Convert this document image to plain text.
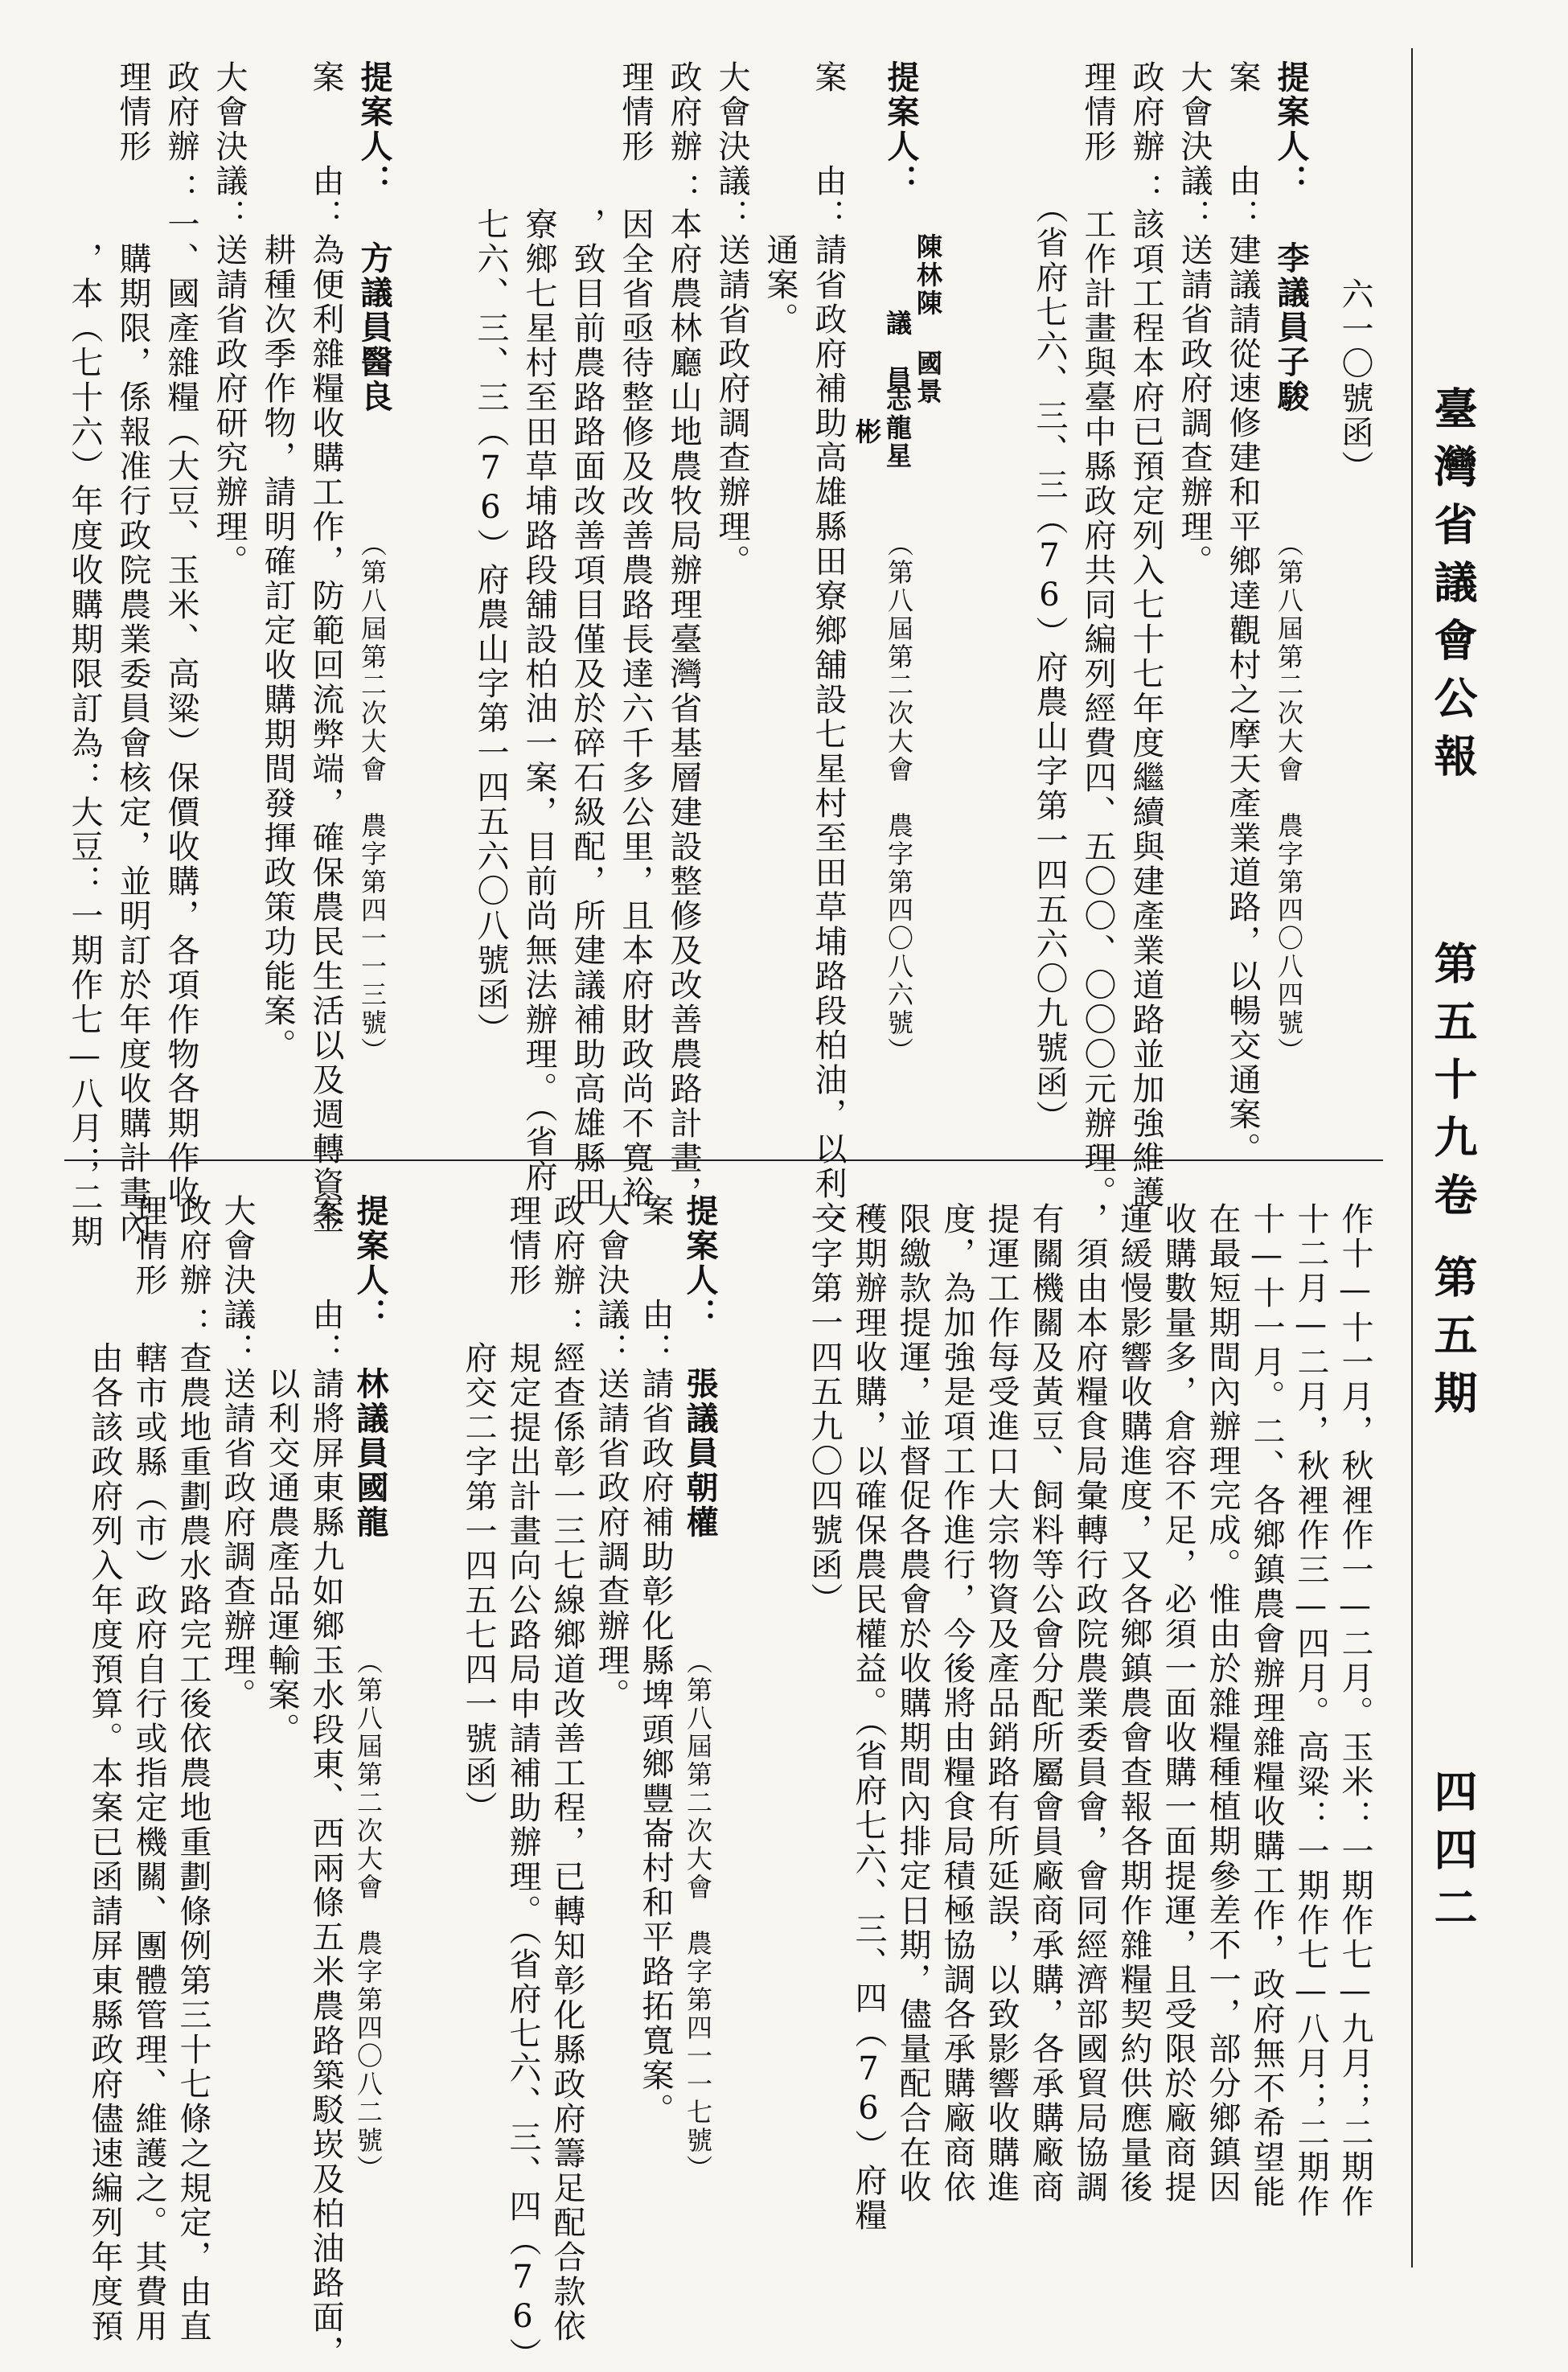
臺灣省議會公報
第五十九卷
第五期
四四二
六一〇號函）
提案人：
李議員子駿
（第八屆第二次大會　農字第四〇八四號）
案　　由：建議請從速修建和平鄉達觀村之摩天產業道路，以暢交通案。
大會決議：送請省政府調查辦理。
政府辦
：該項工程本府已預定列入七十七年度繼續與建產業道路並加強維護
理情形
　工作計畫與臺中縣政府共同編列經費四、五〇〇、〇〇〇元辦理。
　（省府七六、三、三（76）府農山字第一四五六〇九號函）
提案人：
陳林陳
議　員 國景
志龍星
彬
（第八屆第二次大會　農字第四〇八六號）
案　　由：請省政府補助高雄縣田寮鄉舖設七星村至田草埔路段柏油，以利交
　　　　　通案。
大會決議：送請省政府調查辦理。
政府辦
：本府農林廳山地農牧局辦理臺灣省基層建設整修及改善農路計畫，
理情形
　因全省亟待整修及改善農路長達六千多公里，且本府財政尚不寬裕
　，致目前農路路面改善項目僅及於碎石級配，所建議補助高雄縣田
　寮鄉七星村至田草埔路段舖設柏油一案，目前尚無法辦理。（省府
　七六、三、三（76）府農山字第一四五六〇八號函）
提案人：
方議員醫良
（第八屆第二次大會　農字第四一一三號）
案　　由：為便利雜糧收購工作，防範回流弊端，確保農民生活以及週轉資金
　　　　　耕種次季作物，請明確訂定收購期間發揮政策功能案。
大會決議：送請省政府研究辦理。
政府辦
：一、國產雜糧（大豆、玉米、高粱）保價收購，各項作物各期作收
理情形
　　購期限，係報准行政院農業委員會核定，並明訂於年度收購計畫內
　　，本（七十六）年度收購期限訂為：大豆：一期作七—八月；二期
作十—十一月，秋裡作一—二月。玉米：一期作七—九月；二期作
十二月—二月，秋裡作三—四月。高粱：一期作七—八月；二期作
十—十一月。二、各鄉鎮農會辦理雜糧收購工作，政府無不希望能
在最短期間內辦理完成。惟由於雜糧種植期參差不一，部分鄉鎮因
收購數量多，倉容不足，必須一面收購一面提運，且受限於廠商提
運緩慢影響收購進度，又各鄉鎮農會查報各期作雜糧契約供應量後
，須由本府糧食局彙轉行政院農業委員會，會同經濟部國貿局協調
有關機關及黃豆、飼料等公會分配所屬會員廠商承購，各承購廠商
提運工作每受進口大宗物資及產品銷路有所延誤，以致影響收購進
度，為加強是項工作進行，今後將由糧食局積極協調各承購廠商依
限繳款提運，並督促各農會於收購期間內排定日期，儘量配合在收
穫期辦理收購，以確保農民權益。（省府七六、三、四（76）府糧
一字第一四五九〇四號函）
提案人：
張議員朝權
（第八屆第二次大會　農字第四一一七號）
案　　由：請省政府補助彰化縣埤頭鄉豐崙村和平路拓寬案。
大會決議：送請省政府調查辦理。
政府辦
：經查係彰一三七線鄉道改善工程，已轉知彰化縣政府籌足配合款依
理情形
　規定提出計畫向公路局申請補助辦理。（省府七六、三、四（76）
　府交二字第一四五七四一號函）
提案人：
林議員國龍
（第八屆第二次大會　農字第四〇八二號）
案　　由：請將屏東縣九如鄉玉水段東、西兩條五米農路築駁崁及柏油路面，
　　　　　以利交通農產品運輸案。
大會決議：送請省政府調查辦理。
政府辦
：查農地重劃農水路完工後依農地重劃條例第三十七條之規定，由直
理情形
　轄市或縣（市）政府自行或指定機關、團體管理、維護之。其費用
　由各該政府列入年度預算。本案已函請屏東縣政府儘速編列年度預
